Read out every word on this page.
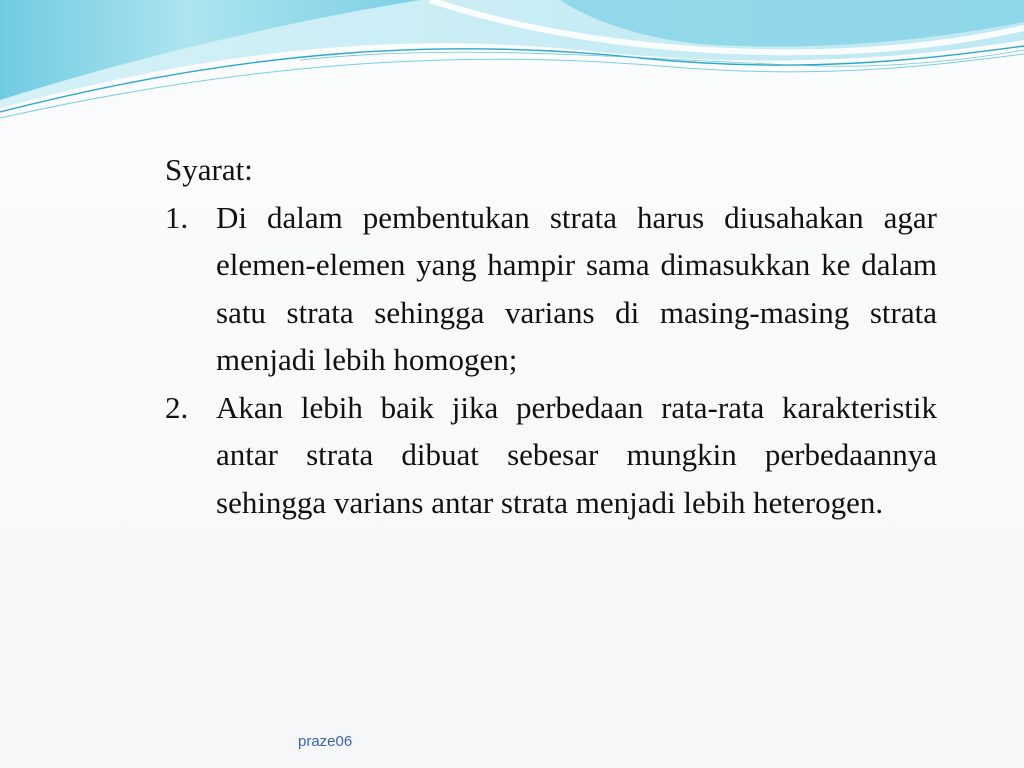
Syarat:
1. Di dalam pembentukan strata harus diusahakan agar elemen-elemen yang hampir sama dimasukkan ke dalam satu strata sehingga varians di masing-masing strata menjadi lebih homogen;
2. Akan lebih baik jika perbedaan rata-rata karakteristik antar strata dibuat sebesar mungkin perbedaannya sehingga varians antar strata menjadi lebih heterogen.
praze06
